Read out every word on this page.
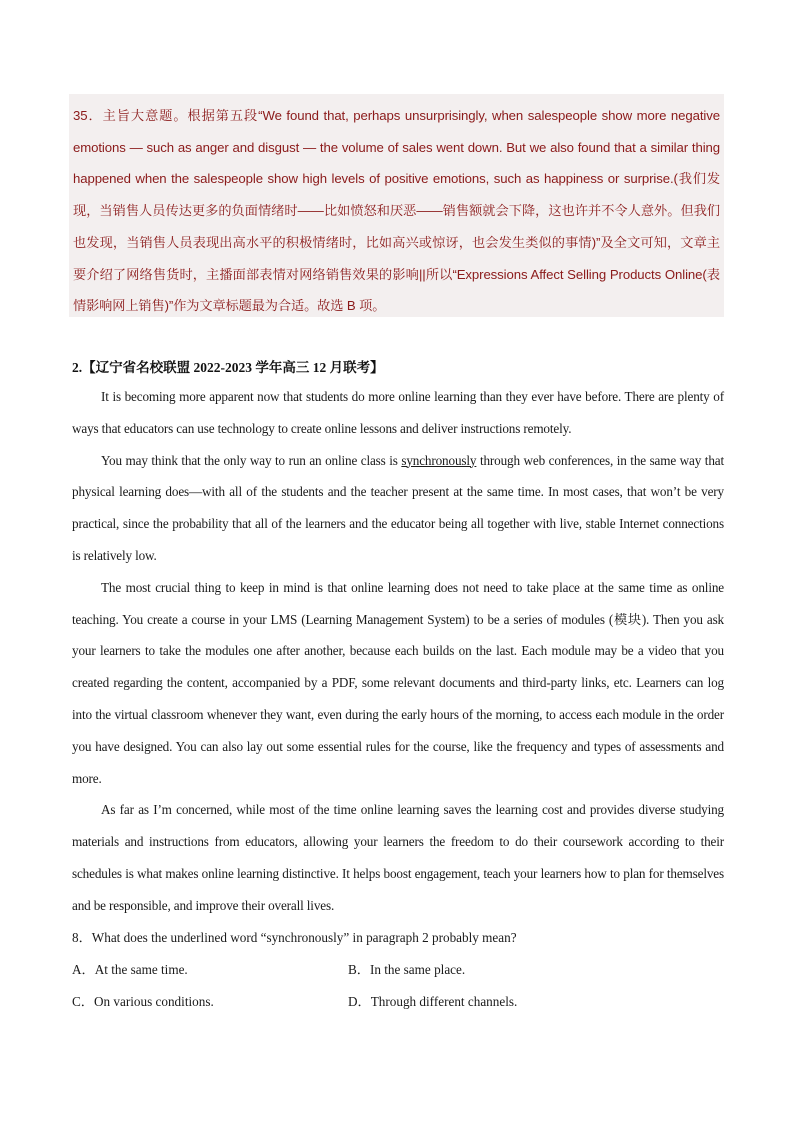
35．主旨大意题。根据第五段“We found that, perhaps unsurprisingly, when salespeople show more negative emotions — such as anger and disgust — the volume of sales went down. But we also found that a similar thing happened when the salespeople show high levels of positive emotions, such as happiness or surprise.(我们发现，当销售人员传达更多的负面情绪时——比如愤怒和厌恶——销售额就会下降，这也许并不令人意外。但我们也发现，当销售人员表现出高水平的积极情绪时，比如高兴或惊讶，也会发生类似的事情)”及全文可知，文章主要介绍了网络售货时，主播面部表情对网络销售效果的影响||所以“Expressions Affect Selling Products Online(表情影响网上销售)”作为文章标题最为合适。故选 B 项。

2.【辽宁省名校联盟 2022-2023 学年高三 12 月联考】

It is becoming more apparent now that students do more online learning than they ever have before. There are plenty of ways that educators can use technology to create online lessons and deliver instructions remotely.

You may think that the only way to run an online class is synchronously through web conferences, in the same way that physical learning does—with all of the students and the teacher present at the same time. In most cases, that won’t be very practical, since the probability that all of the learners and the educator being all together with live, stable Internet connections is relatively low.

The most crucial thing to keep in mind is that online learning does not need to take place at the same time as online teaching. You create a course in your LMS (Learning Management System) to be a series of modules (模块). Then you ask your learners to take the modules one after another, because each builds on the last. Each module may be a video that you created regarding the content, accompanied by a PDF, some relevant documents and third-party links, etc. Learners can log into the virtual classroom whenever they want, even during the early hours of the morning, to access each module in the order you have designed. You can also lay out some essential rules for the course, like the frequency and types of assessments and more.

As far as I’m concerned, while most of the time online learning saves the learning cost and provides diverse studying materials and instructions from educators, allowing your learners the freedom to do their coursework according to their schedules is what makes online learning distinctive. It helps boost engagement, teach your learners how to plan for themselves and be responsible, and improve their overall lives.

8．What does the underlined word “synchronously” in paragraph 2 probably mean?
A．At the same time.	B．In the same place.
C．On various conditions.	D．Through different channels.
